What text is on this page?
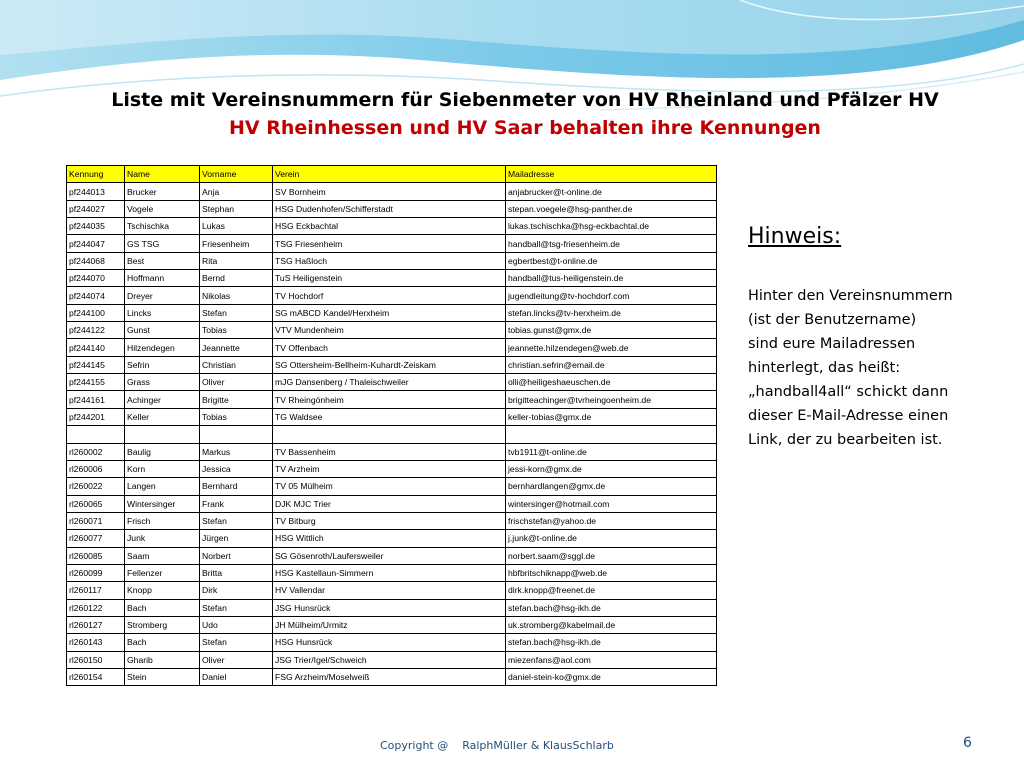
Liste mit Vereinsnummern für Siebenmeter von HV Rheinland und Pfälzer HV
HV Rheinhessen und HV Saar behalten ihre Kennungen
Kennung	Name	Vorname	Verein	Mailadresse
pf244013	Brucker	Anja	SV Bornheim	anjabrucker@t-online.de
pf244027	Vogele	Stephan	HSG Dudenhofen/Schifferstadt	stepan.voegele@hsg-panther.de
pf244035	Tschischka	Lukas	HSG Eckbachtal	lukas.tschischka@hsg-eckbachtal.de
pf244047	GS TSG	Friesenheim	TSG Friesenheim	handball@tsg-friesenheim.de
pf244068	Best	Rita	TSG Haßloch	egbertbest@t-online.de
pf244070	Hoffmann	Bernd	TuS Heiligenstein	handball@tus-heiligenstein.de
pf244074	Dreyer	Nikolas	TV Hochdorf	jugendleitung@tv-hochdorf.com
pf244100	Lincks	Stefan	SG mABCD Kandel/Herxheim	stefan.lincks@tv-herxheim.de
pf244122	Gunst	Tobias	VTV Mundenheim	tobias.gunst@gmx.de
pf244140	Hilzendegen	Jeannette	TV Offenbach	jeannette.hilzendegen@web.de
pf244145	Sefrin	Christian	SG Ottersheim-Bellheim-Kuhardt-Zeiskam	christian.sefrin@email.de
pf244155	Grass	Oliver	mJG Dansenberg / Thaleischweiler	olli@heiligeshaeuschen.de
pf244161	Achinger	Brigitte	TV Rheingönheim	brigitteachinger@tvrheingoenheim.de
pf244201	Keller	Tobias	TG Waldsee	keller-tobias@gmx.de

rl260002	Baulig	Markus	TV Bassenheim	tvb1911@t-online.de
rl260006	Korn	Jessica	TV Arzheim	jessi-korn@gmx.de
rl260022	Langen	Bernhard	TV 05 Mülheim	bernhardlangen@gmx.de
rl260065	Wintersinger	Frank	DJK MJC Trier	wintersinger@hotmail.com
rl260071	Frisch	Stefan	TV Bitburg	frischstefan@yahoo.de
rl260077	Junk	Jürgen	HSG Wittlich	j.junk@t-online.de
rl260085	Saam	Norbert	SG Gösenroth/Laufersweiler	norbert.saam@sggl.de
rl260099	Fellenzer	Britta	HSG Kastellaun-Simmern	hbfbritschiknapp@web.de
rl260117	Knopp	Dirk	HV Vallendar	dirk.knopp@freenet.de
rl260122	Bach	Stefan	JSG Hunsrück	stefan.bach@hsg-ikh.de
rl260127	Stromberg	Udo	JH Mülheim/Urmitz	uk.stromberg@kabelmail.de
rl260143	Bach	Stefan	HSG Hunsrück	stefan.bach@hsg-ikh.de
rl260150	Gharib	Oliver	JSG Trier/Igel/Schweich	miezenfans@aol.com
rl260154	Stein	Daniel	FSG Arzheim/Moselweiß	daniel-stein-ko@gmx.de
Hinweis:
Hinter den Vereinsnummern
(ist der Benutzername)
sind eure Mailadressen
hinterlegt, das heißt:
„handball4all“ schickt dann
dieser E-Mail-Adresse einen
Link, der zu bearbeiten ist.
Copyright @    RalphMüller & KlausSchlarb	6
